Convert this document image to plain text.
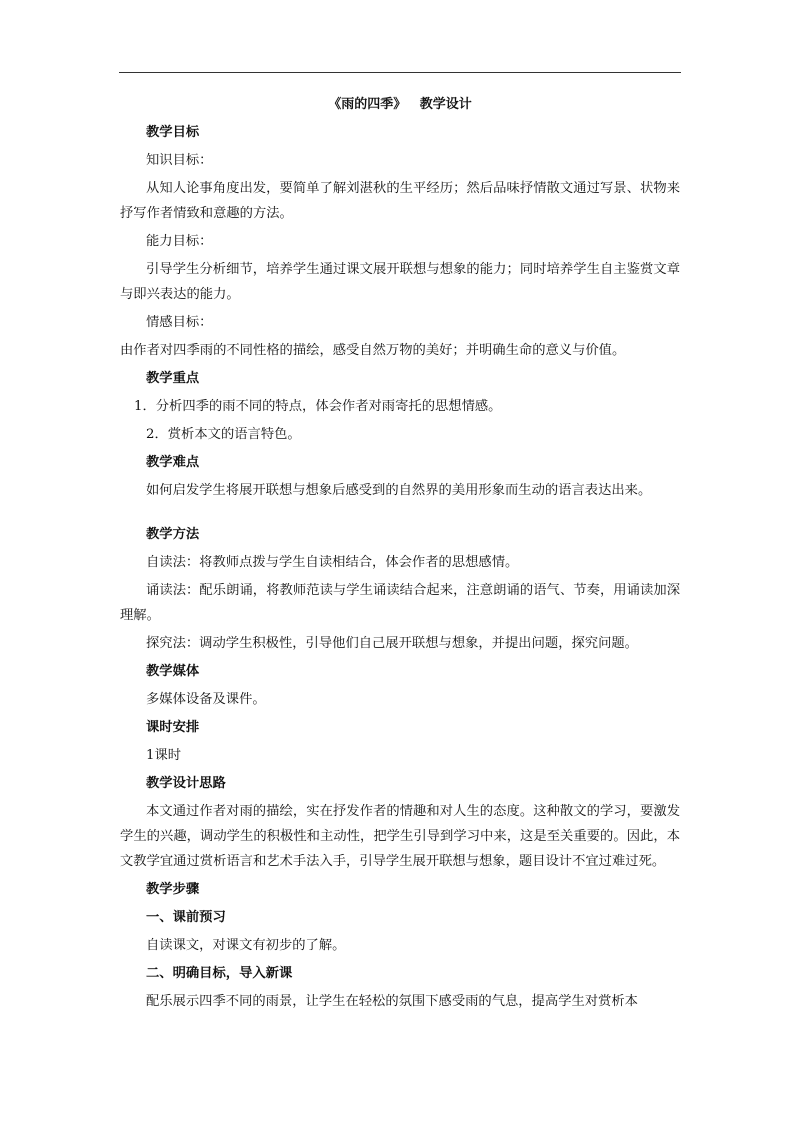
《雨的四季》   教学设计
教学目标
知识目标：
从知人论事角度出发，要简单了解刘湛秋的生平经历；然后品味抒情散文通过写景、状物来抒写作者情致和意趣的方法。
能力目标：
引导学生分析细节，培养学生通过课文展开联想与想象的能力；同时培养学生自主鉴赏文章与即兴表达的能力。
情感目标：
由作者对四季雨的不同性格的描绘，感受自然万物的美好；并明确生命的意义与价值。
教学重点
1．分析四季的雨不同的特点，体会作者对雨寄托的思想情感。
2．赏析本文的语言特色。
教学难点
如何启发学生将展开联想与想象后感受到的自然界的美用形象而生动的语言表达出来。
教学方法
自读法：将教师点拨与学生自读相结合，体会作者的思想感情。
诵读法：配乐朗诵，将教师范读与学生诵读结合起来，注意朗诵的语气、节奏，用诵读加深理解。
探究法：调动学生积极性，引导他们自己展开联想与想象，并提出问题，探究问题。
教学媒体
多媒体设备及课件。
课时安排
1课时
教学设计思路
本文通过作者对雨的描绘，实在抒发作者的情趣和对人生的态度。这种散文的学习，要激发学生的兴趣，调动学生的积极性和主动性，把学生引导到学习中来，这是至关重要的。因此，本文教学宜通过赏析语言和艺术手法入手，引导学生展开联想与想象，题目设计不宜过难过死。
教学步骤
一、课前预习
自读课文，对课文有初步的了解。
二、明确目标，导入新课
配乐展示四季不同的雨景，让学生在轻松的氛围下感受雨的气息，提高学生对赏析本
